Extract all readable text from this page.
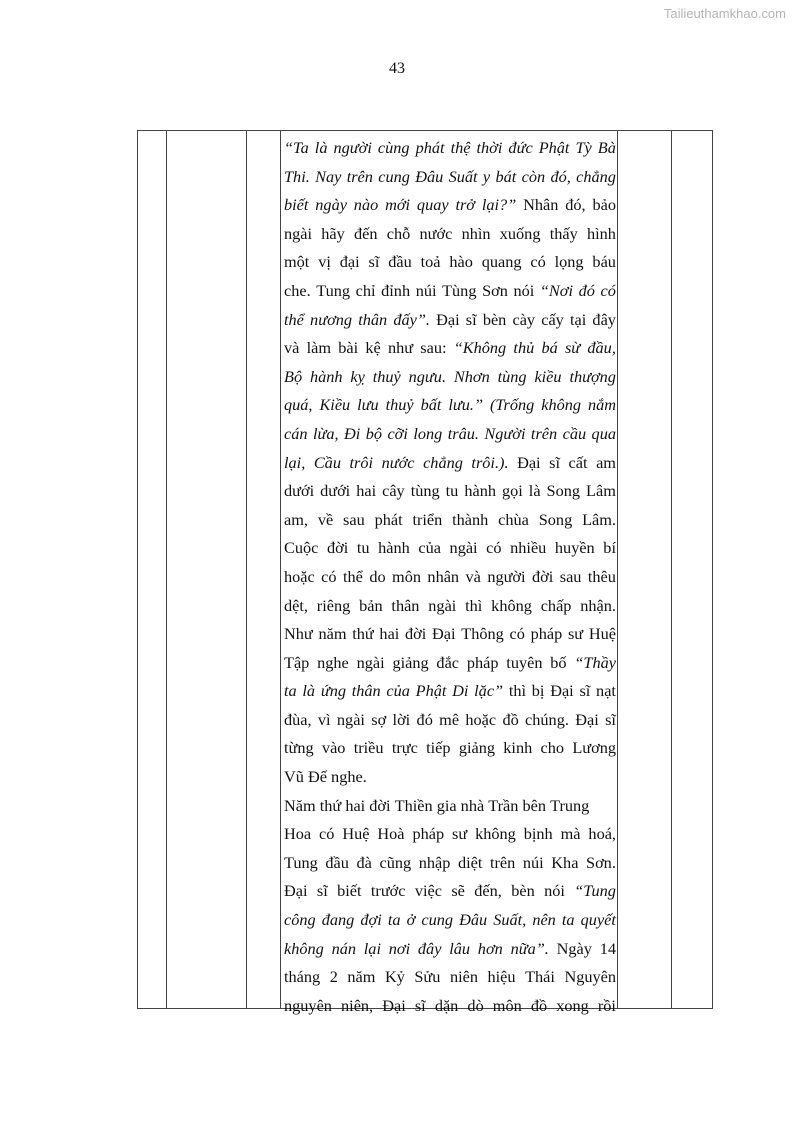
Tailieuthamkhao.com
43
“Ta là người cùng phát thệ thời đức Phật Tỳ Bà
Thi. Nay trên cung Đâu Suất y bát còn đó, chẳng
biết ngày nào mới quay trở lại?” Nhân đó, bảo
ngài hãy đến chỗ nước nhìn xuống thấy hình
một vị đại sĩ đầu toả hào quang có lọng báu
che. Tung chỉ đỉnh núi Tùng Sơn nói “Nơi đó có
thể nương thân đấy”. Đại sĩ bèn cày cấy tại đây
và làm bài kệ như sau: “Không thủ bá sừ đầu,
Bộ hành kỵ thuỷ ngưu. Nhơn tùng kiều thượng
quá, Kiều lưu thuỷ bất lưu.” (Trống không nắm
cán lừa, Đi bộ cỡi long trâu. Người trên cầu qua
lại, Cầu trôi nước chẳng trôi.). Đại sĩ cất am
dưới dưới hai cây tùng tu hành gọi là Song Lâm
am, về sau phát triển thành chùa Song Lâm.
Cuộc đời tu hành của ngài có nhiều huyền bí
hoặc có thể do môn nhân và người đời sau thêu
dệt, riêng bản thân ngài thì không chấp nhận.
Như năm thứ hai đời Đại Thông có pháp sư Huệ
Tập nghe ngài giảng đắc pháp tuyên bố “Thầy
ta là ứng thân của Phật Di lặc” thì bị Đại sĩ nạt
đùa, vì ngài sợ lời đó mê hoặc đồ chúng. Đại sĩ
từng vào triều trực tiếp giảng kinh cho Lương
Vũ
Đế
nghe.

Năm
thứ
hai
đời
Thiền
gia
nhà
Trần
bên
Trung

Hoa có Huệ Hoà pháp sư không bịnh mà hoá,
Tung đầu đà cũng nhập diệt trên núi Kha Sơn.
Đại sĩ biết trước việc sẽ đến, bèn nói “Tung
công đang đợi ta ở cung Đâu Suất, nên ta quyết
không nán lại nơi đây lâu hơn nữa”. Ngày 14
tháng 2 năm Kỷ Sửu niên hiệu Thái Nguyên
nguyên niên, Đại sĩ dặn dò môn đồ xong rồi
